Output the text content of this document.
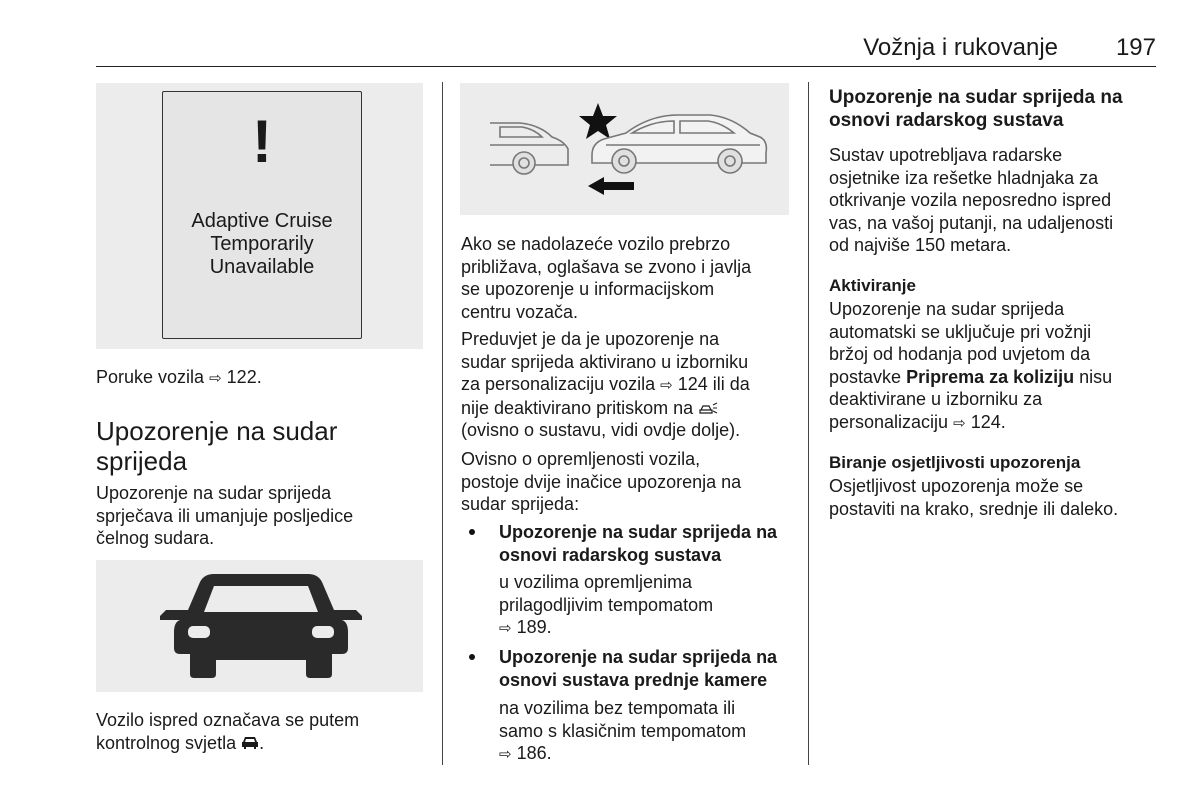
Vožnja i rukovanje 197
!
Adaptive Cruise
Temporarily
Unavailable

Poruke vozila ⇨ 122.

Upozorenje na sudar
sprijeda
Upozorenje na sudar sprijeda
sprječava ili umanjuje posljedice
čelnog sudara.
Vozilo ispred označava se putem
kontrolnog svjetla .
Ako se nadolazeće vozilo prebrzo
približava, oglašava se zvono i javlja
se upozorenje u informacijskom
centru vozača.
Preduvjet je da je upozorenje na
sudar sprijeda aktivirano u izborniku
za personalizaciju vozila ⇨ 124 ili da
nije deaktivirano pritiskom na
(ovisno o sustavu, vidi ovdje dolje).
Ovisno o opremljenosti vozila,
postoje dvije inačice upozorenja na
sudar sprijeda:
Upozorenje na sudar sprijeda na
osnovi radarskog sustava
u vozilima opremljenima
prilagodljivim tempomatom
⇨ 189.
Upozorenje na sudar sprijeda na
osnovi sustava prednje kamere
na vozilima bez tempomata ili
samo s klasičnim tempomatom
⇨ 186.
Upozorenje na sudar sprijeda na
osnovi radarskog sustava
Sustav upotrebljava radarske
osjetnike iza rešetke hladnjaka za
otkrivanje vozila neposredno ispred
vas, na vašoj putanji, na udaljenosti
od najviše 150 metara.
Aktiviranje
Upozorenje na sudar sprijeda
automatski se uključuje pri vožnji
bržoj od hodanja pod uvjetom da
postavke Priprema za koliziju nisu
deaktivirane u izborniku za
personalizaciju ⇨ 124.
Biranje osjetljivosti upozorenja
Osjetljivost upozorenja može se
postaviti na krako, srednje ili daleko.
